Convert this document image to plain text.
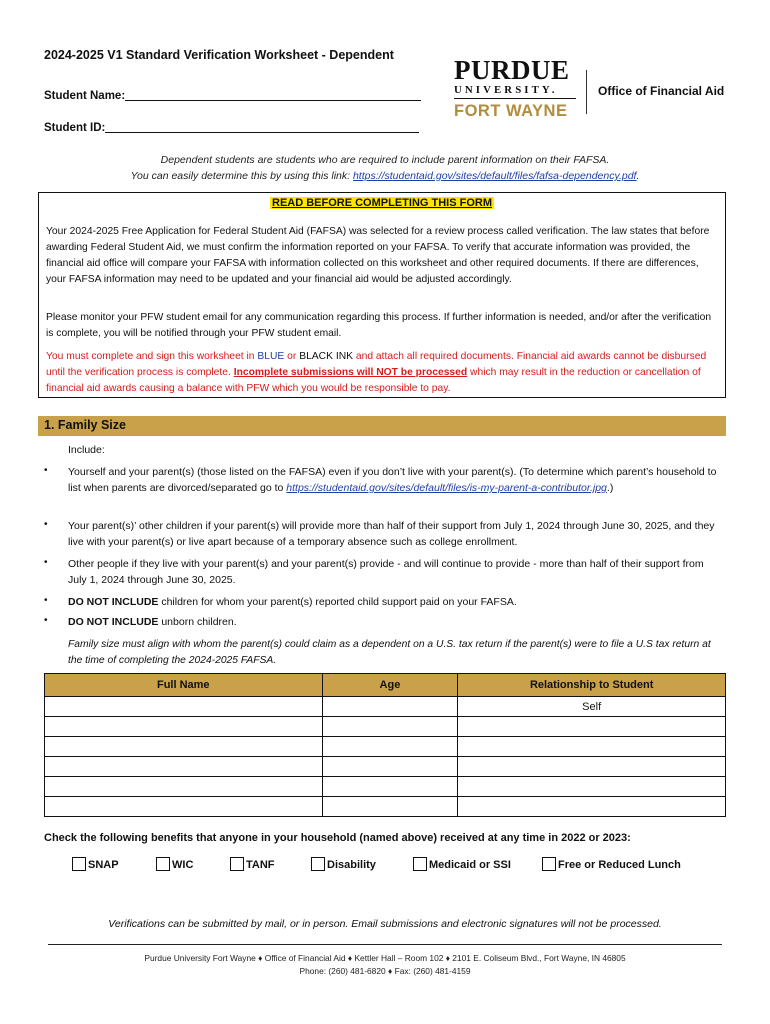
2024-2025 V1 Standard Verification Worksheet - Dependent
Student Name:
Student ID:
PURDUE
UNIVERSITY.
FORT WAYNE
Office of Financial Aid
Dependent students are students who are required to include parent information on their FAFSA.
You can easily determine this by using this link: https://studentaid.gov/sites/default/files/fafsa-dependency.pdf.
READ BEFORE COMPLETING THIS FORM

Your 2024-2025 Free Application for Federal Student Aid (FAFSA) was selected for a review process called verification. The law states that before awarding Federal Student Aid, we must confirm the information reported on your FAFSA. To verify that accurate information was provided, the financial aid office will compare your FAFSA with information collected on this worksheet and other required documents. If there are differences, your FAFSA information may need to be updated and your financial aid would be adjusted accordingly.

Please monitor your PFW student email for any communication regarding this process. If further information is needed, and/or after the verification is complete, you will be notified through your PFW student email.

You must complete and sign this worksheet in BLUE or BLACK INK and attach all required documents. Financial aid awards cannot be disbursed until the verification process is complete. Incomplete submissions will NOT be processed which may result in the reduction or cancellation of financial aid awards causing a balance with PFW which you would be responsible to pay.

1. Family Size
Include:
• Yourself and your parent(s) (those listed on the FAFSA) even if you don’t live with your parent(s). (To determine which parent’s household to list when parents are divorced/separated go to https://studentaid.gov/sites/default/files/is-my-parent-a-contributor.jpg.)
• Your parent(s)’ other children if your parent(s) will provide more than half of their support from July 1, 2024 through June 30, 2025, and they live with your parent(s) or live apart because of a temporary absence such as college enrollment.
• Other people if they live with your parent(s) and your parent(s) provide - and will continue to provide - more than half of their support from July 1, 2024 through June 30, 2025.
• DO NOT INCLUDE children for whom your parent(s) reported child support paid on your FAFSA.
• DO NOT INCLUDE unborn children.
Family size must align with whom the parent(s) could claim as a dependent on a U.S. tax return if the parent(s) were to file a U.S tax return at the time of completing the 2024-2025 FAFSA.
Full Name	Age	Relationship to Student
		Self

Check the following benefits that anyone in your household (named above) received at any time in 2022 or 2023:
SNAP	WIC	TANF	Disability	Medicaid or SSI	Free or Reduced Lunch
Verifications can be submitted by mail, or in person. Email submissions and electronic signatures will not be processed.
Purdue University Fort Wayne ♦ Office of Financial Aid ♦ Kettler Hall – Room 102 ♦ 2101 E. Coliseum Blvd., Fort Wayne, IN 46805
Phone: (260) 481-6820 ♦ Fax: (260) 481-4159
